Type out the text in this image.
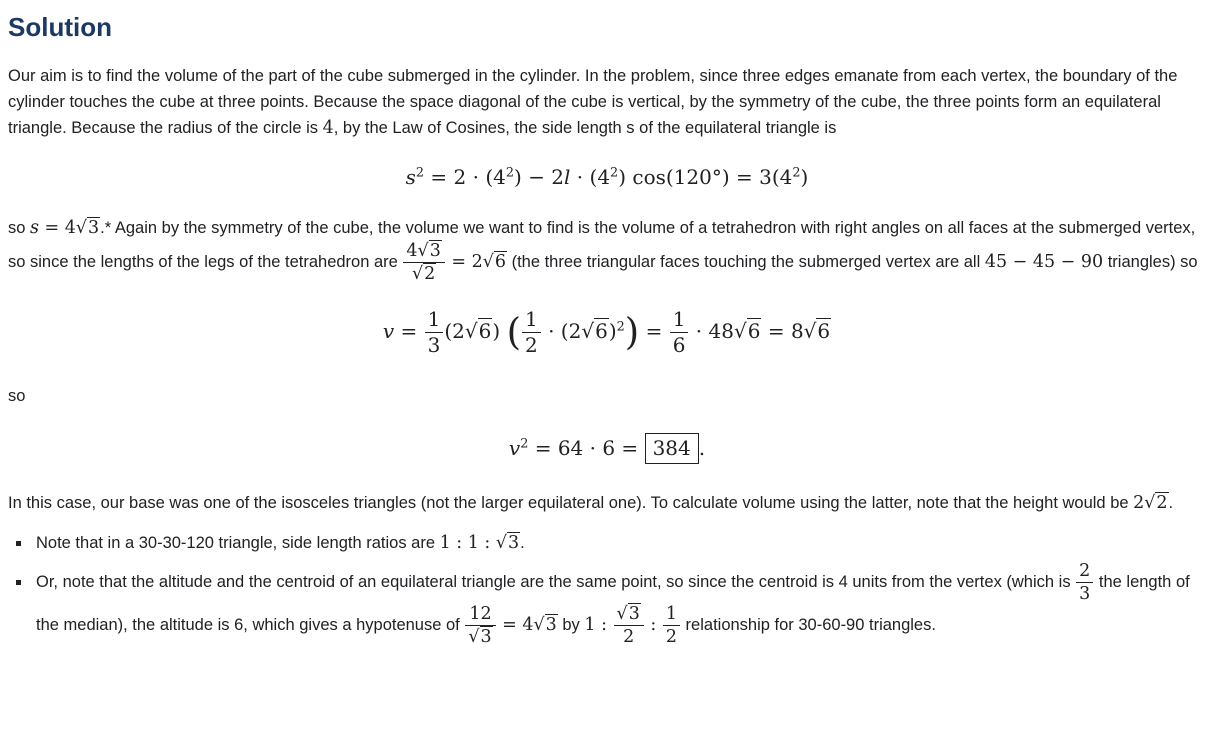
Solution

Our aim is to find the volume of the part of the cube submerged in the cylinder. In the problem, since three edges emanate from each vertex, the boundary of the cylinder touches the cube at three points. Because the space diagonal of the cube is vertical, by the symmetry of the cube, the three points form an equilateral triangle. Because the radius of the circle is 4, by the Law of Cosines, the side length s of the equilateral triangle is

$s^2 = 2 \cdot (4^2) - 2l \cdot (4^2) \cos(120^\circ) = 3(4^2)$

so s = 4√3.* Again by the symmetry of the cube, the volume we want to find is the volume of a tetrahedron with right angles on all faces at the submerged vertex, so since the lengths of the legs of the tetrahedron are $\frac{4√3}{√2} = 2√6$ (the three triangular faces touching the submerged vertex are all 45 − 45 − 90 triangles) so

$v = \frac{1}{3} (2√6)$ ( $\frac{1}{2} \cdot (2√6)^2) = \frac{1}{6} \cdot 48√6 = 8√6$

so

$v^2 = 64 \cdot 6 = 384$ .

In this case, our base was one of the isosceles triangles (not the larger equilateral one). To calculate volume using the latter, note that the height would be 2√2.

▪ Note that in a 30-30-120 triangle, side length ratios are 1 : 1 : √3.
▪ Or, note that the altitude and the centroid of an equilateral triangle are the same point, so since the centroid is 4 units from the vertex (which is $\frac{2}{3}$ the length of the median), the altitude is 6, which gives a hypotenuse of $\frac{12}{√3} = 4√3$ by 1 : $\frac{√3}{2}$ : $\frac{1}{2}$ relationship for 30-60-90 triangles.
